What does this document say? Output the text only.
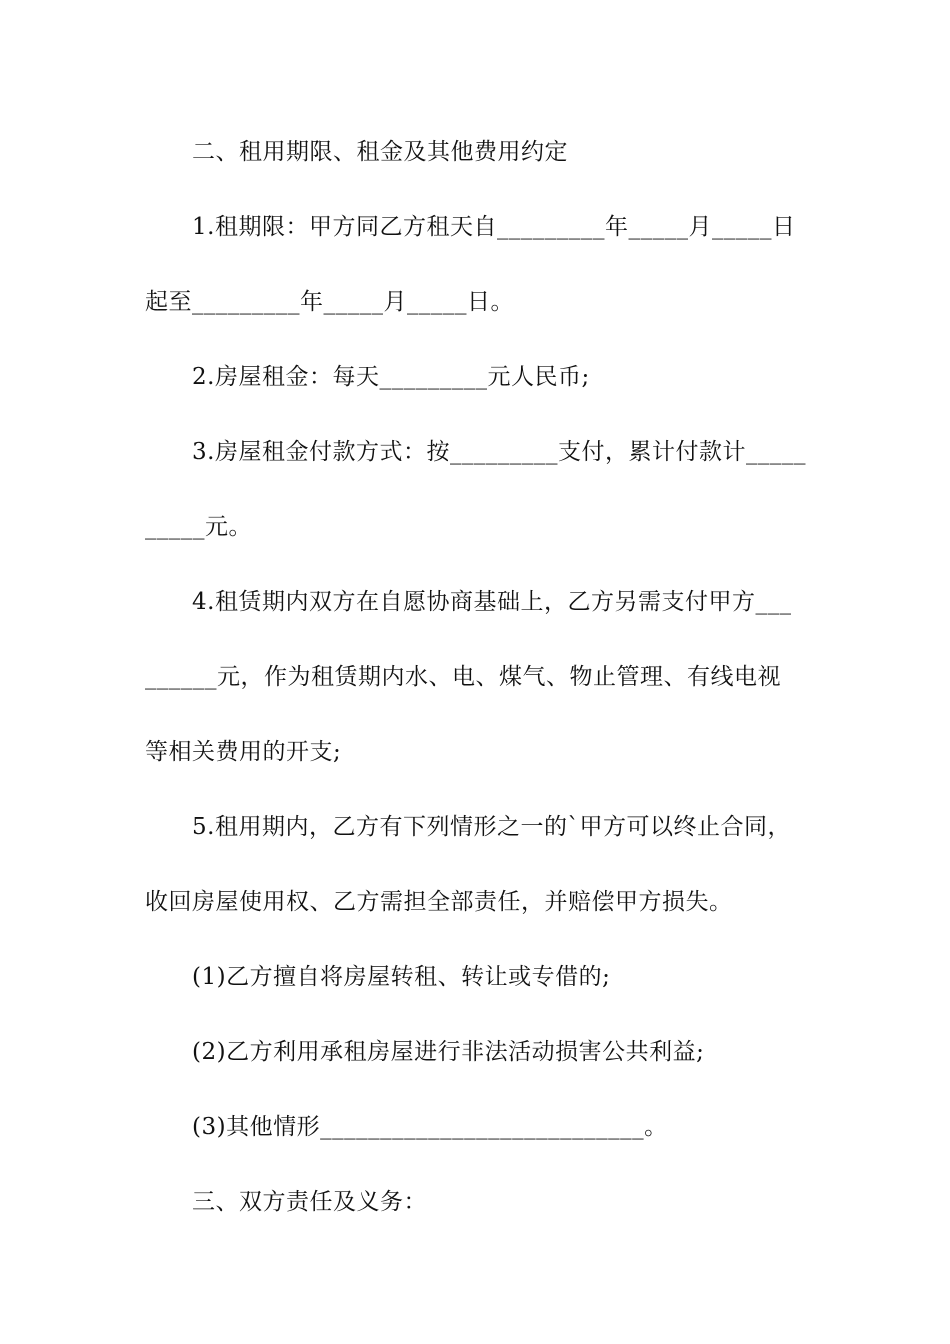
二、租用期限、租金及其他费用约定
1.租期限：甲方同乙方租天自_________年_____月_____日
起至_________年_____月_____日。
2.房屋租金：每天_________元人民币;
3.房屋租金付款方式：按_________支付，累计付款计_____
_____元。
4.租赁期内双方在自愿协商基础上，乙方另需支付甲方___
______元，作为租赁期内水、电、煤气、物止管理、有线电视
等相关费用的开支;
5.租用期内，乙方有下列情形之一的`甲方可以终止合同，
收回房屋使用权、乙方需担全部责任，并赔偿甲方损失。
(1)乙方擅自将房屋转租、转让或专借的;
(2)乙方利用承租房屋进行非法活动损害公共利益;
(3)其他情形___________________________。
三、双方责任及义务：
